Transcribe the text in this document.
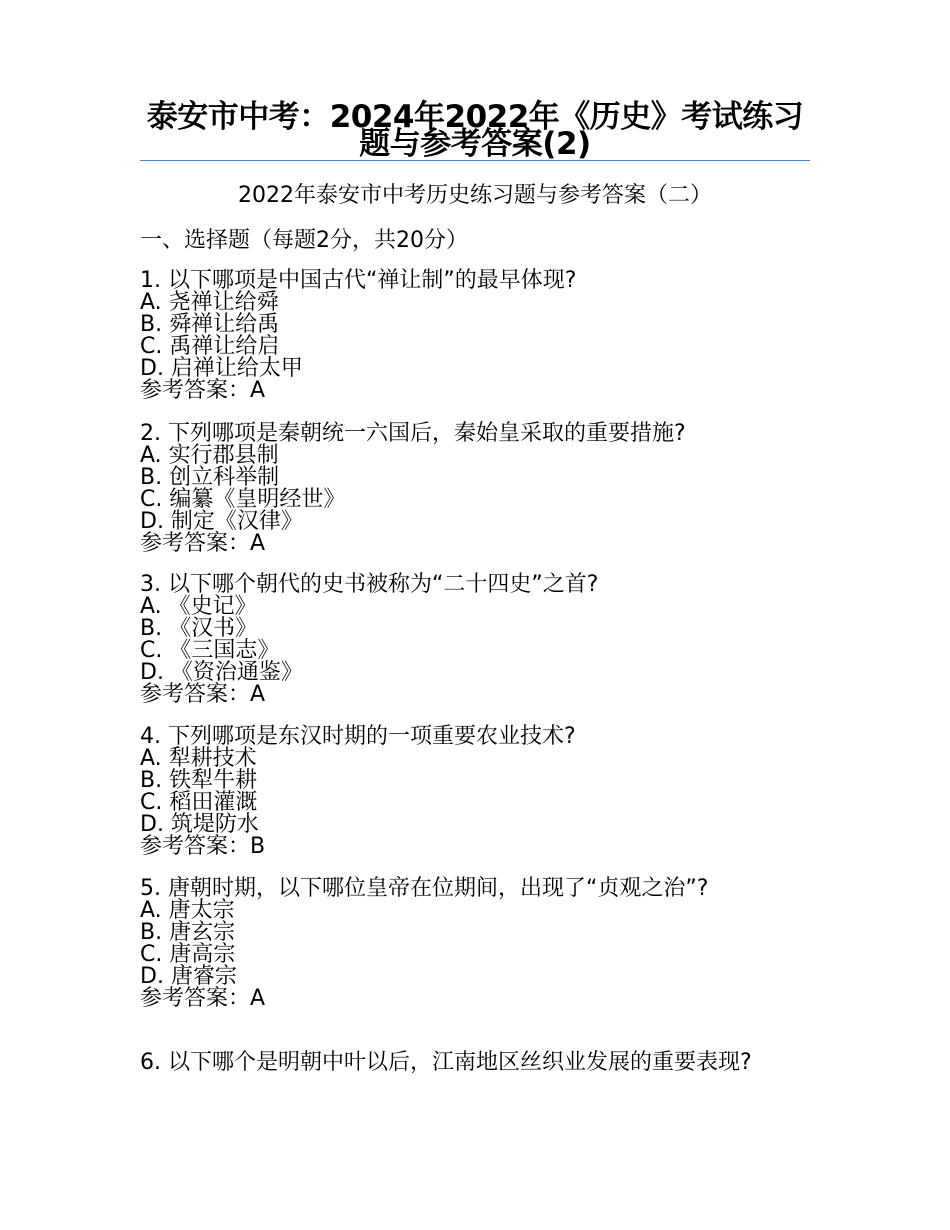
泰安市中考：2024年2022年《历史》考试练习题与参考答案(2)
2022年泰安市中考历史练习题与参考答案（二）
一、选择题（每题2分，共20分）
1. 以下哪项是中国古代“禅让制”的最早体现?
A. 尧禅让给舜
B. 舜禅让给禹
C. 禹禅让给启
D. 启禅让给太甲
参考答案：A
2. 下列哪项是秦朝统一六国后，秦始皇采取的重要措施?
A. 实行郡县制
B. 创立科举制
C. 编纂《皇明经世》
D. 制定《汉律》
参考答案：A
3. 以下哪个朝代的史书被称为“二十四史”之首?
A. 《史记》
B. 《汉书》
C. 《三国志》
D. 《资治通鉴》
参考答案：A
4. 下列哪项是东汉时期的一项重要农业技术?
A. 犁耕技术
B. 铁犁牛耕
C. 稻田灌溉
D. 筑堤防水
参考答案：B
5. 唐朝时期，以下哪位皇帝在位期间，出现了“贞观之治”?
A. 唐太宗
B. 唐玄宗
C. 唐高宗
D. 唐睿宗
参考答案：A
6. 以下哪个是明朝中叶以后，江南地区丝织业发展的重要表现?
